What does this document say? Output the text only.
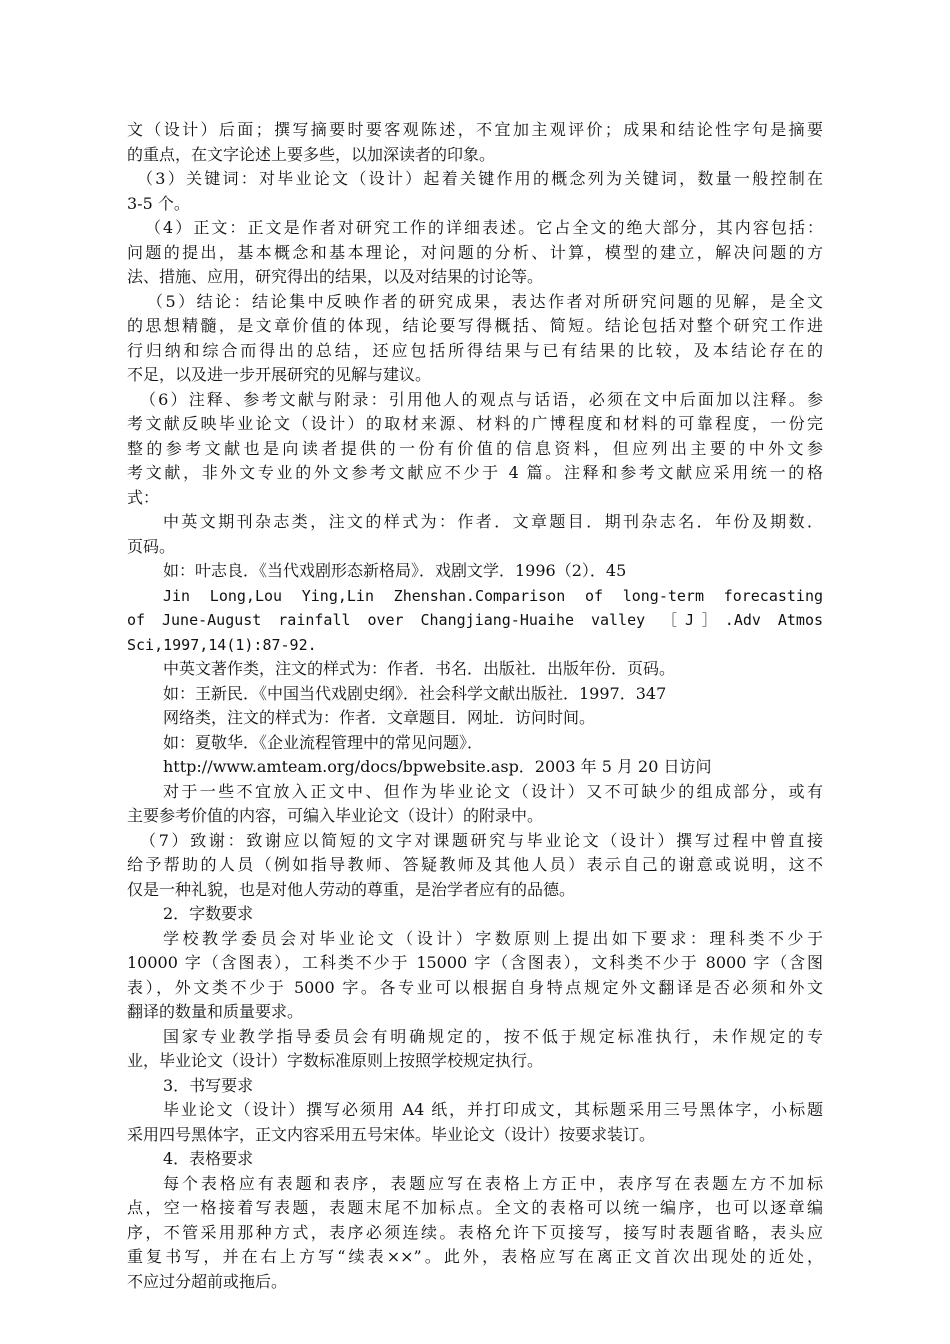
文（设计）后面；撰写摘要时要客观陈述，不宜加主观评价；成果和结论性字句是摘要
的重点，在文字论述上要多些，以加深读者的印象。
（3）关键词：对毕业论文（设计）起着关键作用的概念列为关键词，数量一般控制在
3-5 个。
（4）正文：正文是作者对研究工作的详细表述。它占全文的绝大部分，其内容包括：
问题的提出，基本概念和基本理论，对问题的分析、计算，模型的建立，解决问题的方
法、措施、应用，研究得出的结果，以及对结果的讨论等。
（5）结论：结论集中反映作者的研究成果，表达作者对所研究问题的见解，是全文
的思想精髓，是文章价值的体现，结论要写得概括、简短。结论包括对整个研究工作进
行归纳和综合而得出的总结，还应包括所得结果与已有结果的比较，及本结论存在的
不足，以及进一步开展研究的见解与建议。
（6）注释、参考文献与附录：引用他人的观点与话语，必须在文中后面加以注释。参
考文献反映毕业论文（设计）的取材来源、材料的广博程度和材料的可靠程度，一份完
整的参考文献也是向读者提供的一份有价值的信息资料，但应列出主要的中外文参
考文献，非外文专业的外文参考文献应不少于 4 篇。注释和参考文献应采用统一的格
式：
中英文期刊杂志类，注文的样式为：作者．文章题目．期刊杂志名．年份及期数．
页码。
如：叶志良．《当代戏剧形态新格局》．戏剧文学．1996（2）．45
Jin Long,Lou Ying,Lin Zhenshan.Comparison of long-term forecasting
of June-August rainfall over Changjiang-Huaihe valley ［J］.Adv Atmos
Sci,1997,14(1):87-92.
中英文著作类，注文的样式为：作者．书名．出版社．出版年份．页码。
如：王新民．《中国当代戏剧史纲》．社会科学文献出版社．1997．347
网络类，注文的样式为：作者．文章题目．网址．访问时间。
如：夏敬华．《企业流程管理中的常见问题》．
http://www.amteam.org/docs/bpwebsite.asp．2003 年 5 月 20 日访问
对于一些不宜放入正文中、但作为毕业论文（设计）又不可缺少的组成部分，或有
主要参考价值的内容，可编入毕业论文（设计）的附录中。
（7）致谢：致谢应以简短的文字对课题研究与毕业论文（设计）撰写过程中曾直接
给予帮助的人员（例如指导教师、答疑教师及其他人员）表示自己的谢意或说明，这不
仅是一种礼貌，也是对他人劳动的尊重，是治学者应有的品德。
2．字数要求
学校教学委员会对毕业论文（设计）字数原则上提出如下要求：理科类不少于
10000 字（含图表），工科类不少于 15000 字（含图表），文科类不少于 8000 字（含图
表），外文类不少于 5000 字。各专业可以根据自身特点规定外文翻译是否必须和外文
翻译的数量和质量要求。
国家专业教学指导委员会有明确规定的，按不低于规定标准执行，未作规定的专
业，毕业论文（设计）字数标准原则上按照学校规定执行。
3．书写要求
毕业论文（设计）撰写必须用 A4 纸，并打印成文，其标题采用三号黑体字，小标题
采用四号黑体字，正文内容采用五号宋体。毕业论文（设计）按要求装订。
4．表格要求
每个表格应有表题和表序，表题应写在表格上方正中，表序写在表题左方不加标
点，空一格接着写表题，表题末尾不加标点。全文的表格可以统一编序，也可以逐章编
序，不管采用那种方式，表序必须连续。表格允许下页接写，接写时表题省略，表头应
重复书写，并在右上方写“续表××”。此外，表格应写在离正文首次出现处的近处，
不应过分超前或拖后。
